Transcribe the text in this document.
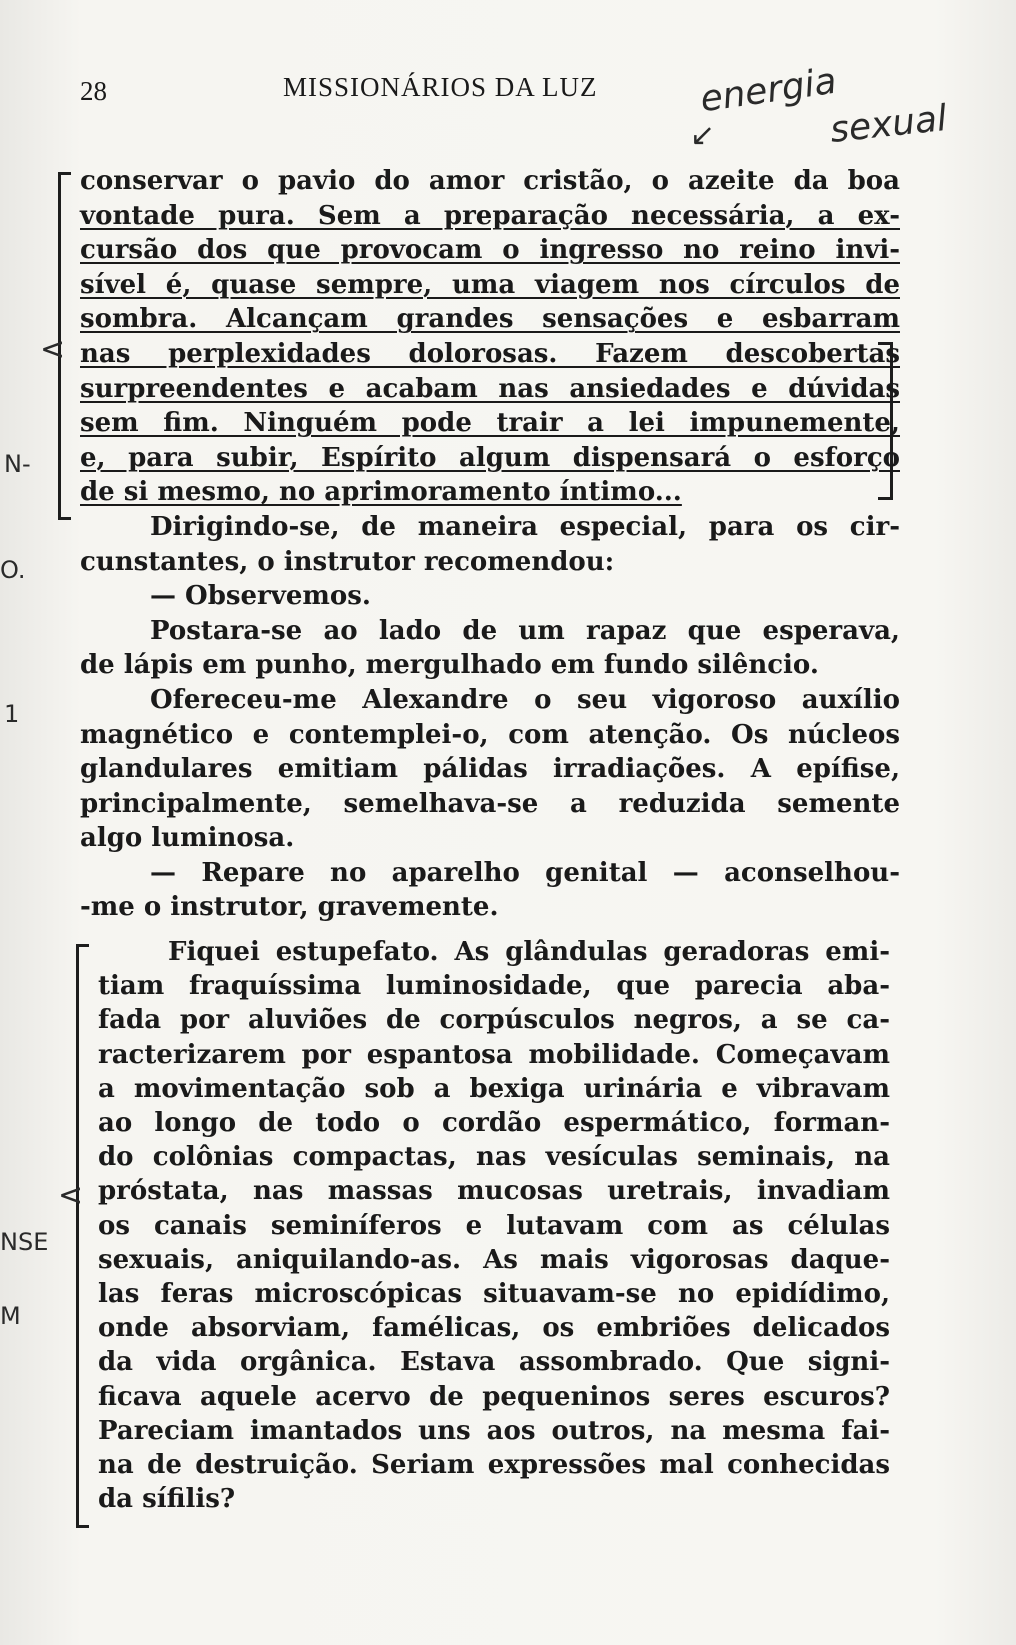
28	MISSIONÁRIOS DA LUZ	energia
sexual
↙
<
conservar o pavio do amor cristão, o azeite da boa
vontade pura. Sem a preparação necessária, a ex-
cursão dos que provocam o ingresso no reino invi-
sível é, quase sempre, uma viagem nos círculos de
sombra. Alcançam grandes sensações e esbarram
nas perplexidades dolorosas. Fazem descobertas
surpreendentes e acabam nas ansiedades e dúvidas
sem fim. Ninguém pode trair a lei impunemente,
e, para subir, Espírito algum dispensará o esforço
de si mesmo, no aprimoramento íntimo...
Dirigindo-se, de maneira especial, para os cir-
cunstantes, o instrutor recomendou:
— Observemos.
Postara-se ao lado de um rapaz que esperava,
de lápis em punho, mergulhado em fundo silêncio.
Ofereceu-me Alexandre o seu vigoroso auxílio
magnético e contemplei-o, com atenção. Os núcleos
glandulares emitiam pálidas irradiações. A epífise,
principalmente, semelhava-se a reduzida semente
algo luminosa.
— Repare no aparelho genital — aconselhou-
-me o instrutor, gravemente.
<
Fiquei estupefato. As glândulas geradoras emi-
tiam fraquíssima luminosidade, que parecia aba-
fada por aluviões de corpúsculos negros, a se ca-
racterizarem por espantosa mobilidade. Começavam
a movimentação sob a bexiga urinária e vibravam
ao longo de todo o cordão espermático, forman-
do colônias compactas, nas vesículas seminais, na
próstata, nas massas mucosas uretrais, invadiam
os canais seminíferos e lutavam com as células
sexuais, aniquilando-as. As mais vigorosas daque-
las feras microscópicas situavam-se no epidídimo,
onde absorviam, famélicas, os embriões delicados
da vida orgânica. Estava assombrado. Que signi-
ficava aquele acervo de pequeninos seres escuros?
Pareciam imantados uns aos outros, na mesma fai-
na de destruição. Seriam expressões mal conhecidas
da sífilis?
N-
O.
1
NSE
M
